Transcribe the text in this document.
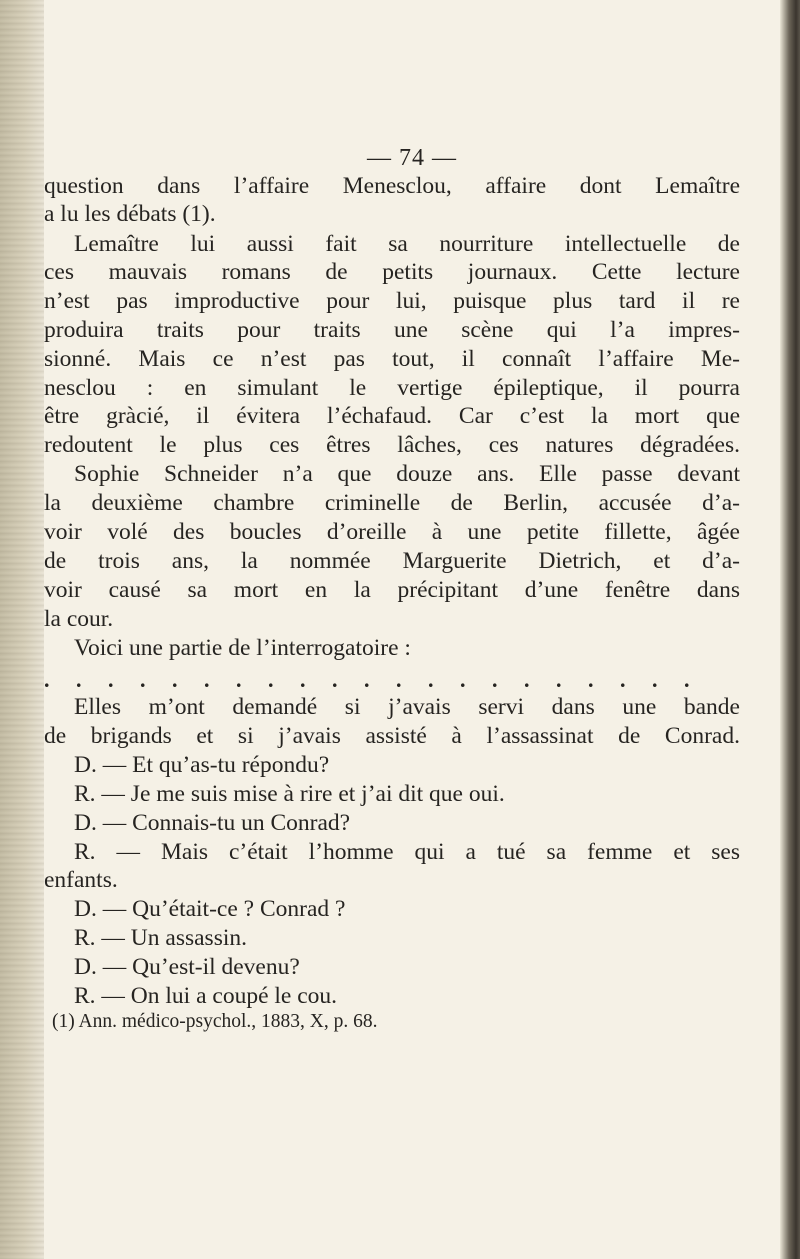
— 74 —
question dans l’affaire Menesclou, affaire dont Lemaître
a lu les débats (1).
Lemaître lui aussi fait sa nourriture intellectuelle de
ces mauvais romans de petits journaux. Cette lecture
n’est pas improductive pour lui, puisque plus tard il re
produira traits pour traits une scène qui l’a impres-
sionné. Mais ce n’est pas tout, il connaît l’affaire Me-
nesclou : en simulant le vertige épileptique, il pourra
être gràcié, il évitera l’échafaud. Car c’est la mort que
redoutent le plus ces êtres lâches, ces natures dégradées.
Sophie Schneider n’a que douze ans. Elle passe devant
la deuxième chambre criminelle de Berlin, accusée d’a-
voir volé des boucles d’oreille à une petite fillette, âgée
de trois ans, la nommée Marguerite Dietrich, et d’a-
voir causé sa mort en la précipitant d’une fenêtre dans
la cour.
Voici une partie de l’interrogatoire :
.....................
Elles m’ont demandé si j’avais servi dans une bande
de brigands et si j’avais assisté à l’assassinat de Conrad.
D. — Et qu’as-tu répondu?
R. — Je me suis mise à rire et j’ai dit que oui.
D. — Connais-tu un Conrad?
R. — Mais c’était l’homme qui a tué sa femme et ses
enfants.
D. — Qu’était-ce ? Conrad ?
R. — Un assassin.
D. — Qu’est-il devenu?
R. — On lui a coupé le cou.
(1) Ann. médico-psychol., 1883, X, p. 68.
